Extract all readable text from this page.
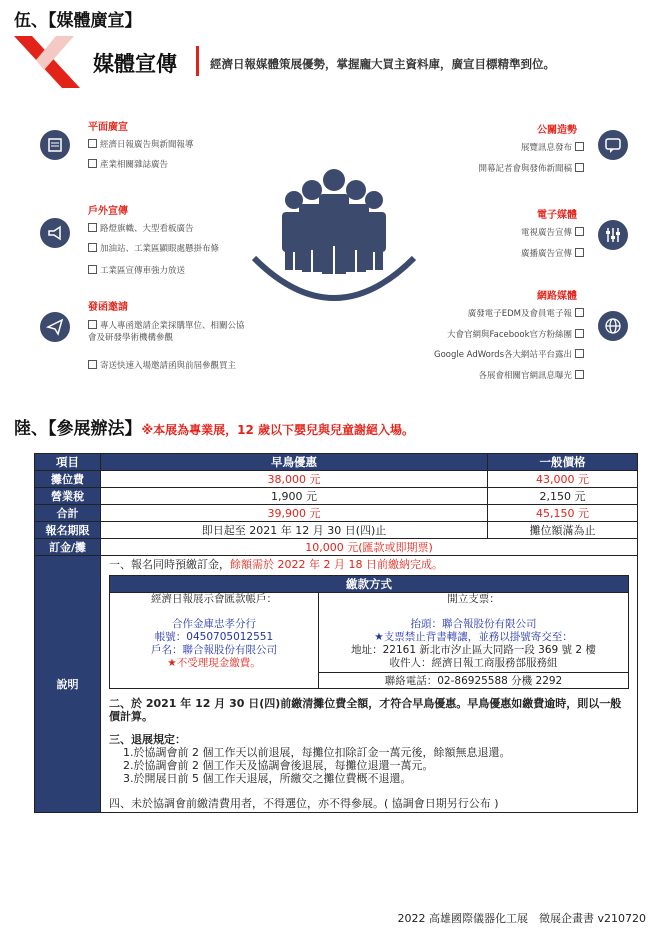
伍、【媒體廣宣】
媒體宣傳	經濟日報媒體策展優勢，掌握龐大買主資料庫，廣宣目標精準到位。
平面廣宣
經濟日報廣告與新聞報導
產業相關雜誌廣告
戶外宣傳
路燈旗幟、大型看板廣告
加油站、工業區顯眼處懸掛布條
工業區宣傳車強力放送
發函邀請
專人專函邀請企業採購單位、相關公協會及研發學術機構參觀
寄送快速入場邀請函與前屆參觀買主
公關造勢
展覽訊息發布
開幕記者會與發佈新聞稿
電子媒體
電視廣告宣傳
廣播廣告宣傳
網路媒體
廣發電子EDM及會員電子報
大會官網與Facebook官方粉絲團
Google AdWords各大網站平台露出
各展會相關官網訊息曝光
陸、【參展辦法】※本展為專業展，12 歲以下嬰兒與兒童謝絕入場。
項目	早鳥優惠	一般價格
攤位費	38,000 元	43,000 元
營業稅	1,900 元	2,150 元
合計	39,900 元	45,150 元
報名期限	即日起至 2021 年 12 月 30 日(四)止	攤位額滿為止
訂金/攤	10,000 元(匯款或即期票)
說明	
一、報名同時預繳訂金，餘額需於 2022 年 2 月 18 日前繳納完成。
繳款方式

經濟日報展示會匯款帳戶：
合作金庫忠孝分行
帳號：0450705012551
戶名：聯合報股份有限公司
★不受理現金繳費。

開立支票：
抬頭：聯合報股份有限公司
★支票禁止背書轉讓，並務以掛號寄交至：
地址：22161 新北市汐止區大同路一段 369 號 2 樓
收件人：經濟日報工商服務部服務組
聯絡電話：02-86925588 分機 2292
二、於 2021 年 12 月 30 日(四)前繳清攤位費全額，才符合早鳥優惠。早鳥優惠如繳費逾時，則以一般價計算。
三、退展規定：
1.於協調會前 2 個工作天以前退展，每攤位扣除訂金一萬元後，餘額無息退還。
2.於協調會前 2 個工作天及協調會後退展，每攤位退還一萬元。
3.於開展日前 5 個工作天退展，所繳交之攤位費概不退還。
四、未於協調會前繳清費用者，不得選位，亦不得參展。( 協調會日期另行公布 )
2022 高雄國際儀器化工展　徵展企畫書 v210720
